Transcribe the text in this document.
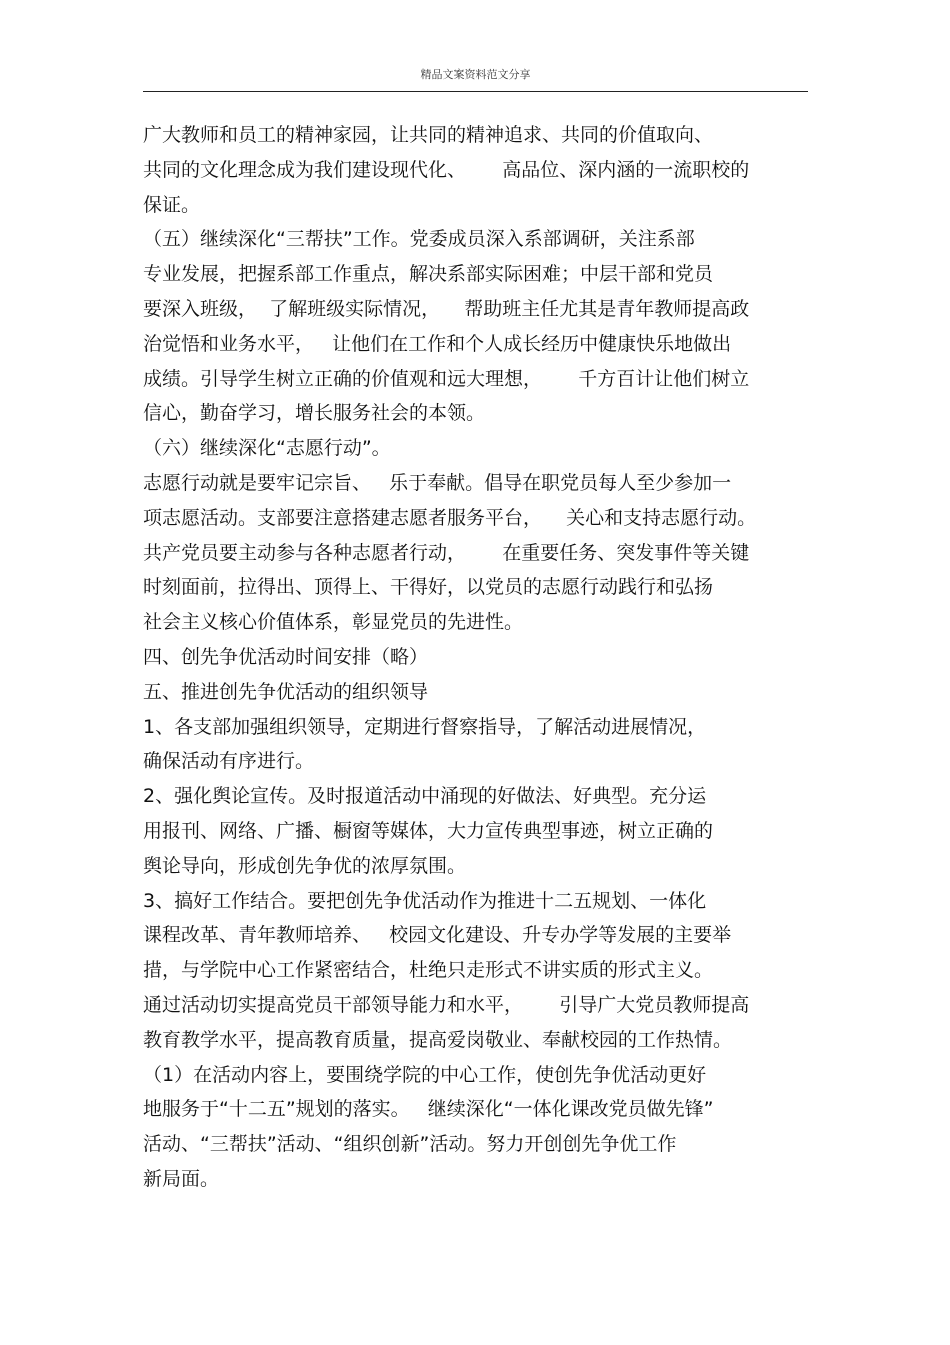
精品文案资料范文分享
广大教师和员工的精神家园，让共同的精神追求、共同的价值取向、
共同的文化理念成为我们建设现代化、      高品位、深内涵的一流职校的
保证。
（五）继续深化“三帮扶”工作。党委成员深入系部调研，关注系部
专业发展，把握系部工作重点，解决系部实际困难；中层干部和党员
要深入班级，  了解班级实际情况，    帮助班主任尤其是青年教师提高政
治觉悟和业务水平，   让他们在工作和个人成长经历中健康快乐地做出
成绩。引导学生树立正确的价值观和远大理想，      千方百计让他们树立
信心，勤奋学习，增长服务社会的本领。
（六）继续深化“志愿行动”。
志愿行动就是要牢记宗旨、   乐于奉献。倡导在职党员每人至少参加一
项志愿活动。支部要注意搭建志愿者服务平台，    关心和支持志愿行动。
共产党员要主动参与各种志愿者行动，      在重要任务、突发事件等关键
时刻面前，拉得出、顶得上、干得好，以党员的志愿行动践行和弘扬
社会主义核心价值体系，彰显党员的先进性。
四、创先争优活动时间安排（略）
五、推进创先争优活动的组织领导
1、各支部加强组织领导，定期进行督察指导，了解活动进展情况，
确保活动有序进行。
2、强化舆论宣传。及时报道活动中涌现的好做法、好典型。充分运
用报刊、网络、广播、橱窗等媒体，大力宣传典型事迹，树立正确的
舆论导向，形成创先争优的浓厚氛围。
3、搞好工作结合。要把创先争优活动作为推进十二五规划、一体化
课程改革、青年教师培养、   校园文化建设、升专办学等发展的主要举
措，与学院中心工作紧密结合，杜绝只走形式不讲实质的形式主义。
通过活动切实提高党员干部领导能力和水平，      引导广大党员教师提高
教育教学水平，提高教育质量，提高爱岗敬业、奉献校园的工作热情。
（1）在活动内容上，要围绕学院的中心工作，使创先争优活动更好
地服务于“十二五”规划的落实。   继续深化“一体化课改党员做先锋”
活动、“三帮扶”活动、“组织创新”活动。努力开创创先争优工作
新局面。
